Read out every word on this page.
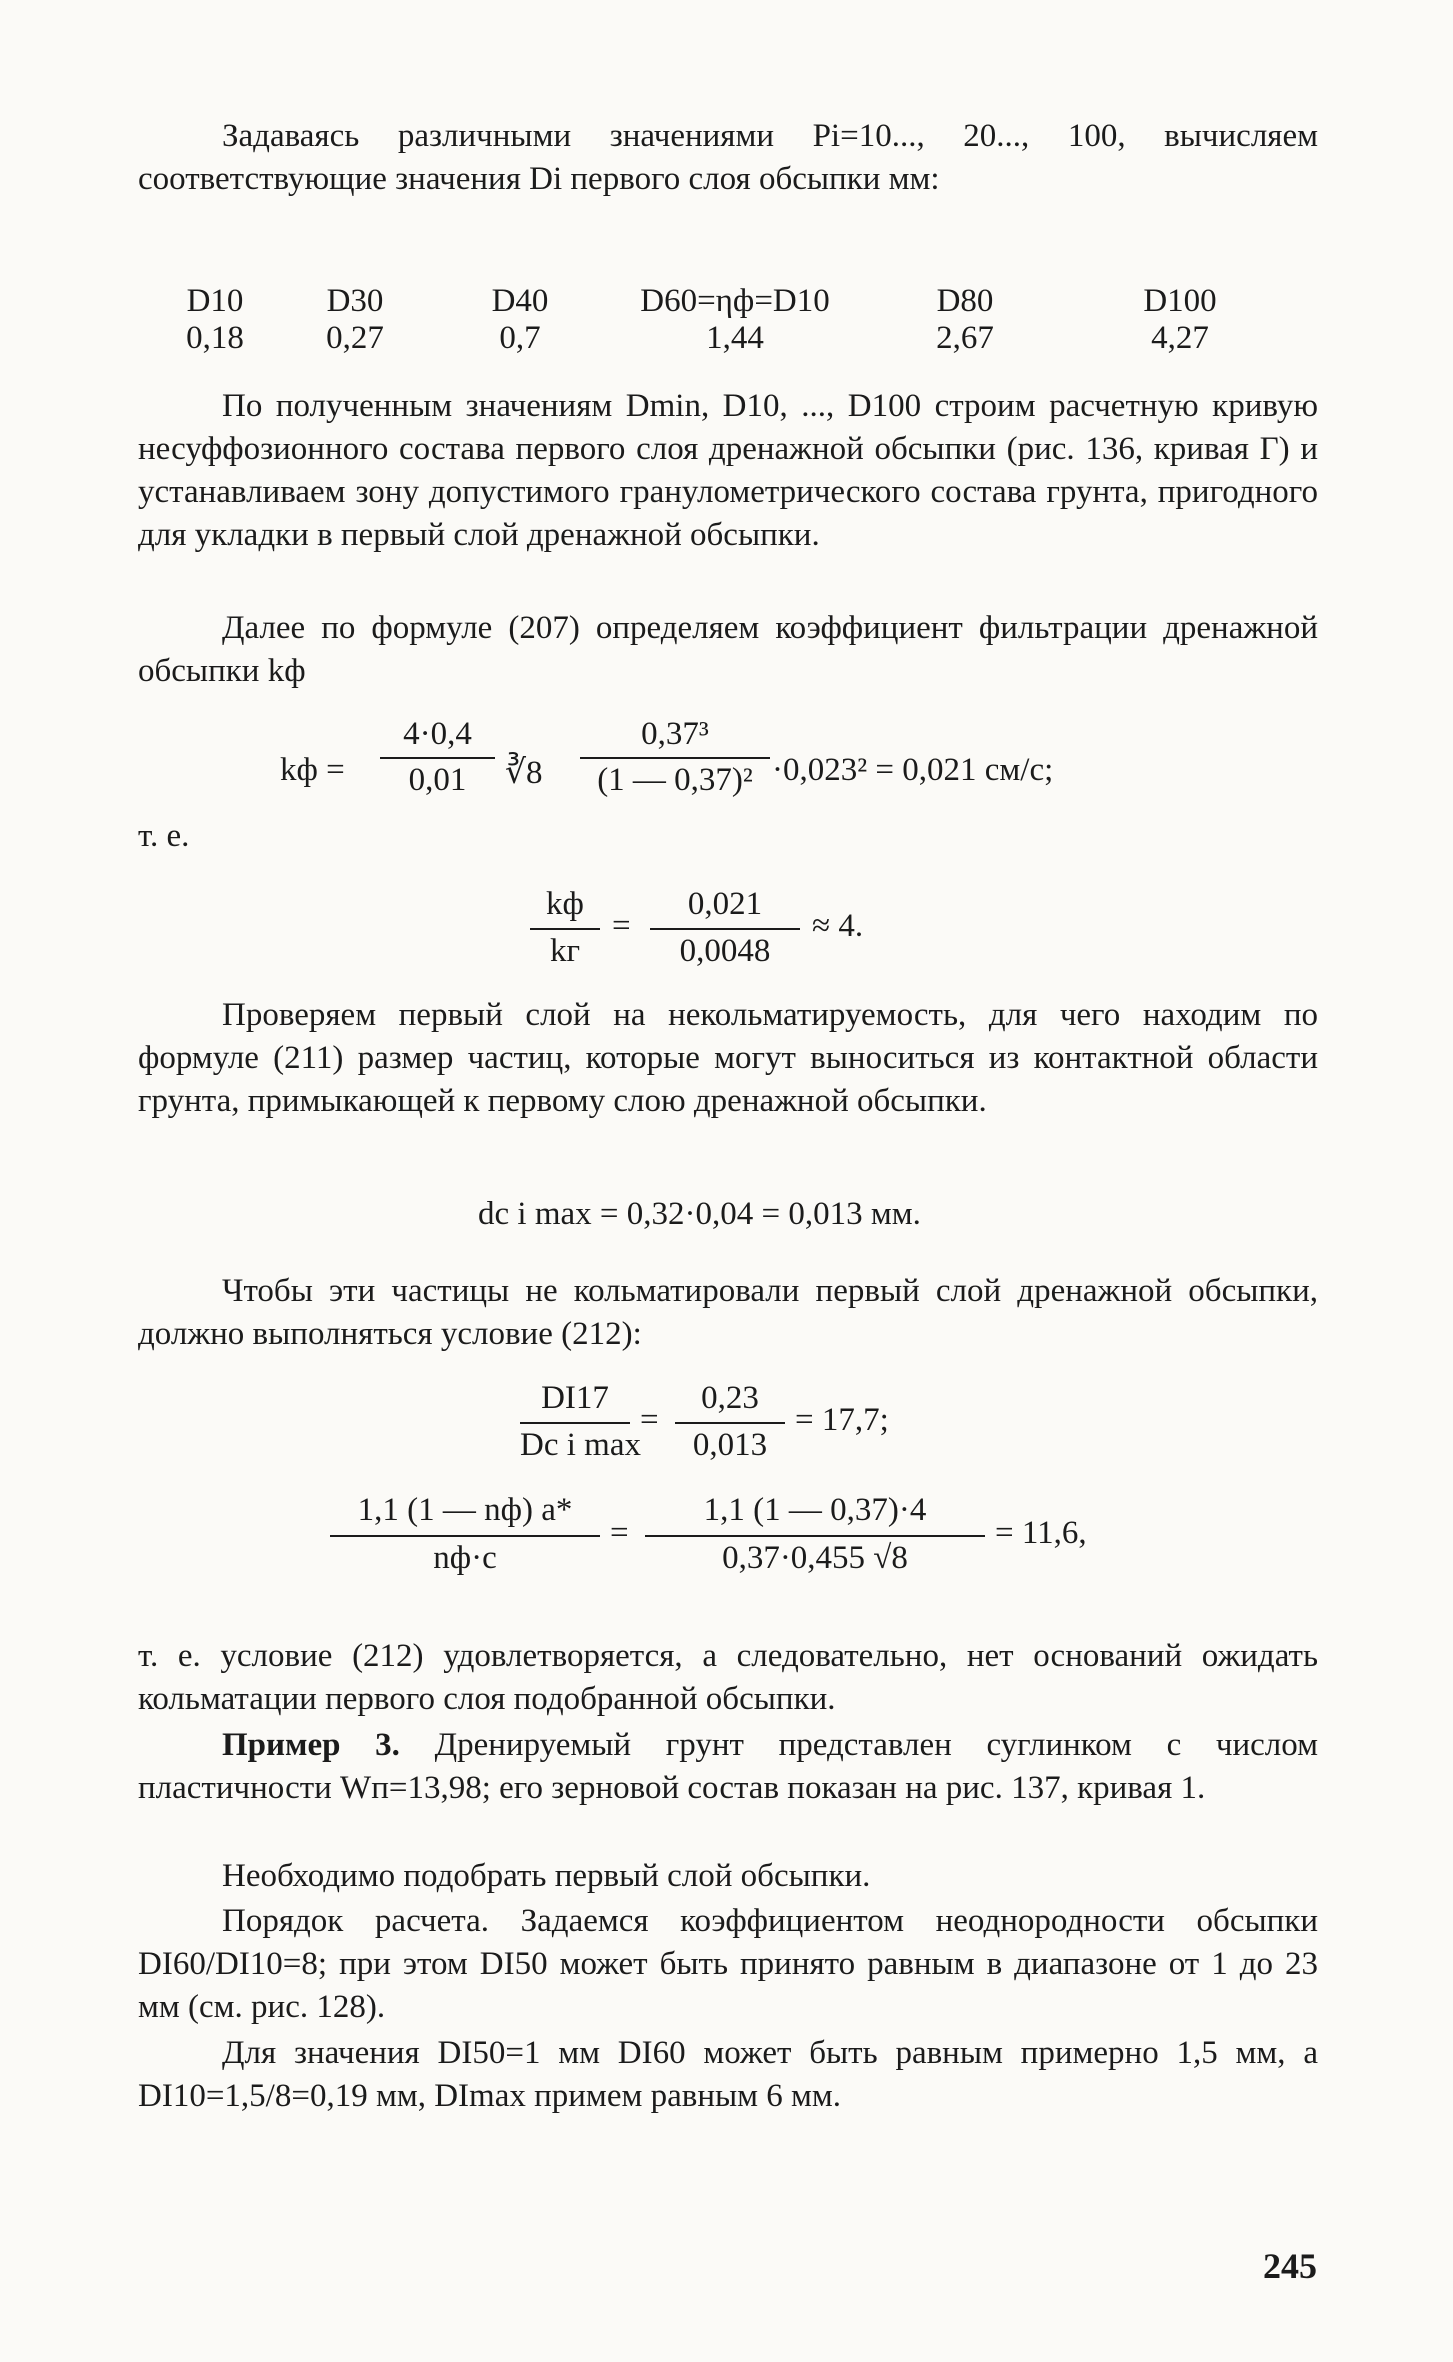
Задаваясь различными значениями Pi=10..., 20..., 100, вычисляем соответствующие значения Di первого слоя обсыпки мм:
D10	D30	D40	D60=ηф=D10	D80	D100
0,18	0,27	0,7	1,44	2,67	4,27
По полученным значениям Dmin, D10, ..., D100 строим расчетную кривую несуффозионного состава первого слоя дренажной обсыпки (рис. 136, кривая Г) и устанавливаем зону допустимого гранулометрического состава грунта, пригодного для укладки в первый слой дренажной обсыпки.
Далее по формуле (207) определяем коэффициент фильтрации дренажной обсыпки kф
kф =
4·0,4
0,01	∛8
0,37³
(1 — 0,37)² ·0,023² = 0,021 см/с;
т. е.
kф
kг
=
0,021
0,0048
≈ 4.
Проверяем первый слой на некольматируемость, для чего находим по формуле (211) размер частиц, которые могут выноситься из контактной области грунта, примыкающей к первому слою дренажной обсыпки.
dc i max = 0,32·0,04 = 0,013 мм.
Чтобы эти частицы не кольматировали первый слой дренажной обсыпки, должно выполняться условие (212):
DI17
Dc i max
=
0,23
0,013
= 17,7;
1,1 (1 — nф) a*
nф·c
=
1,1 (1 — 0,37)·4
0,37·0,455 √8
= 11,6,
т. е. условие (212) удовлетворяется, а следовательно, нет оснований ожидать кольматации первого слоя подобранной обсыпки.
Пример 3. Дренируемый грунт представлен суглинком с числом пластичности Wп=13,98; его зерновой состав показан на рис. 137, кривая 1.
Необходимо подобрать первый слой обсыпки.
Порядок расчета. Задаемся коэффициентом неоднородности обсыпки DI60/DI10=8; при этом DI50 может быть принято равным в диапазоне от 1 до 23 мм (см. рис. 128).
Для значения DI50=1 мм DI60 может быть равным примерно 1,5 мм, а DI10=1,5/8=0,19 мм, DImax примем равным 6 мм.
245
